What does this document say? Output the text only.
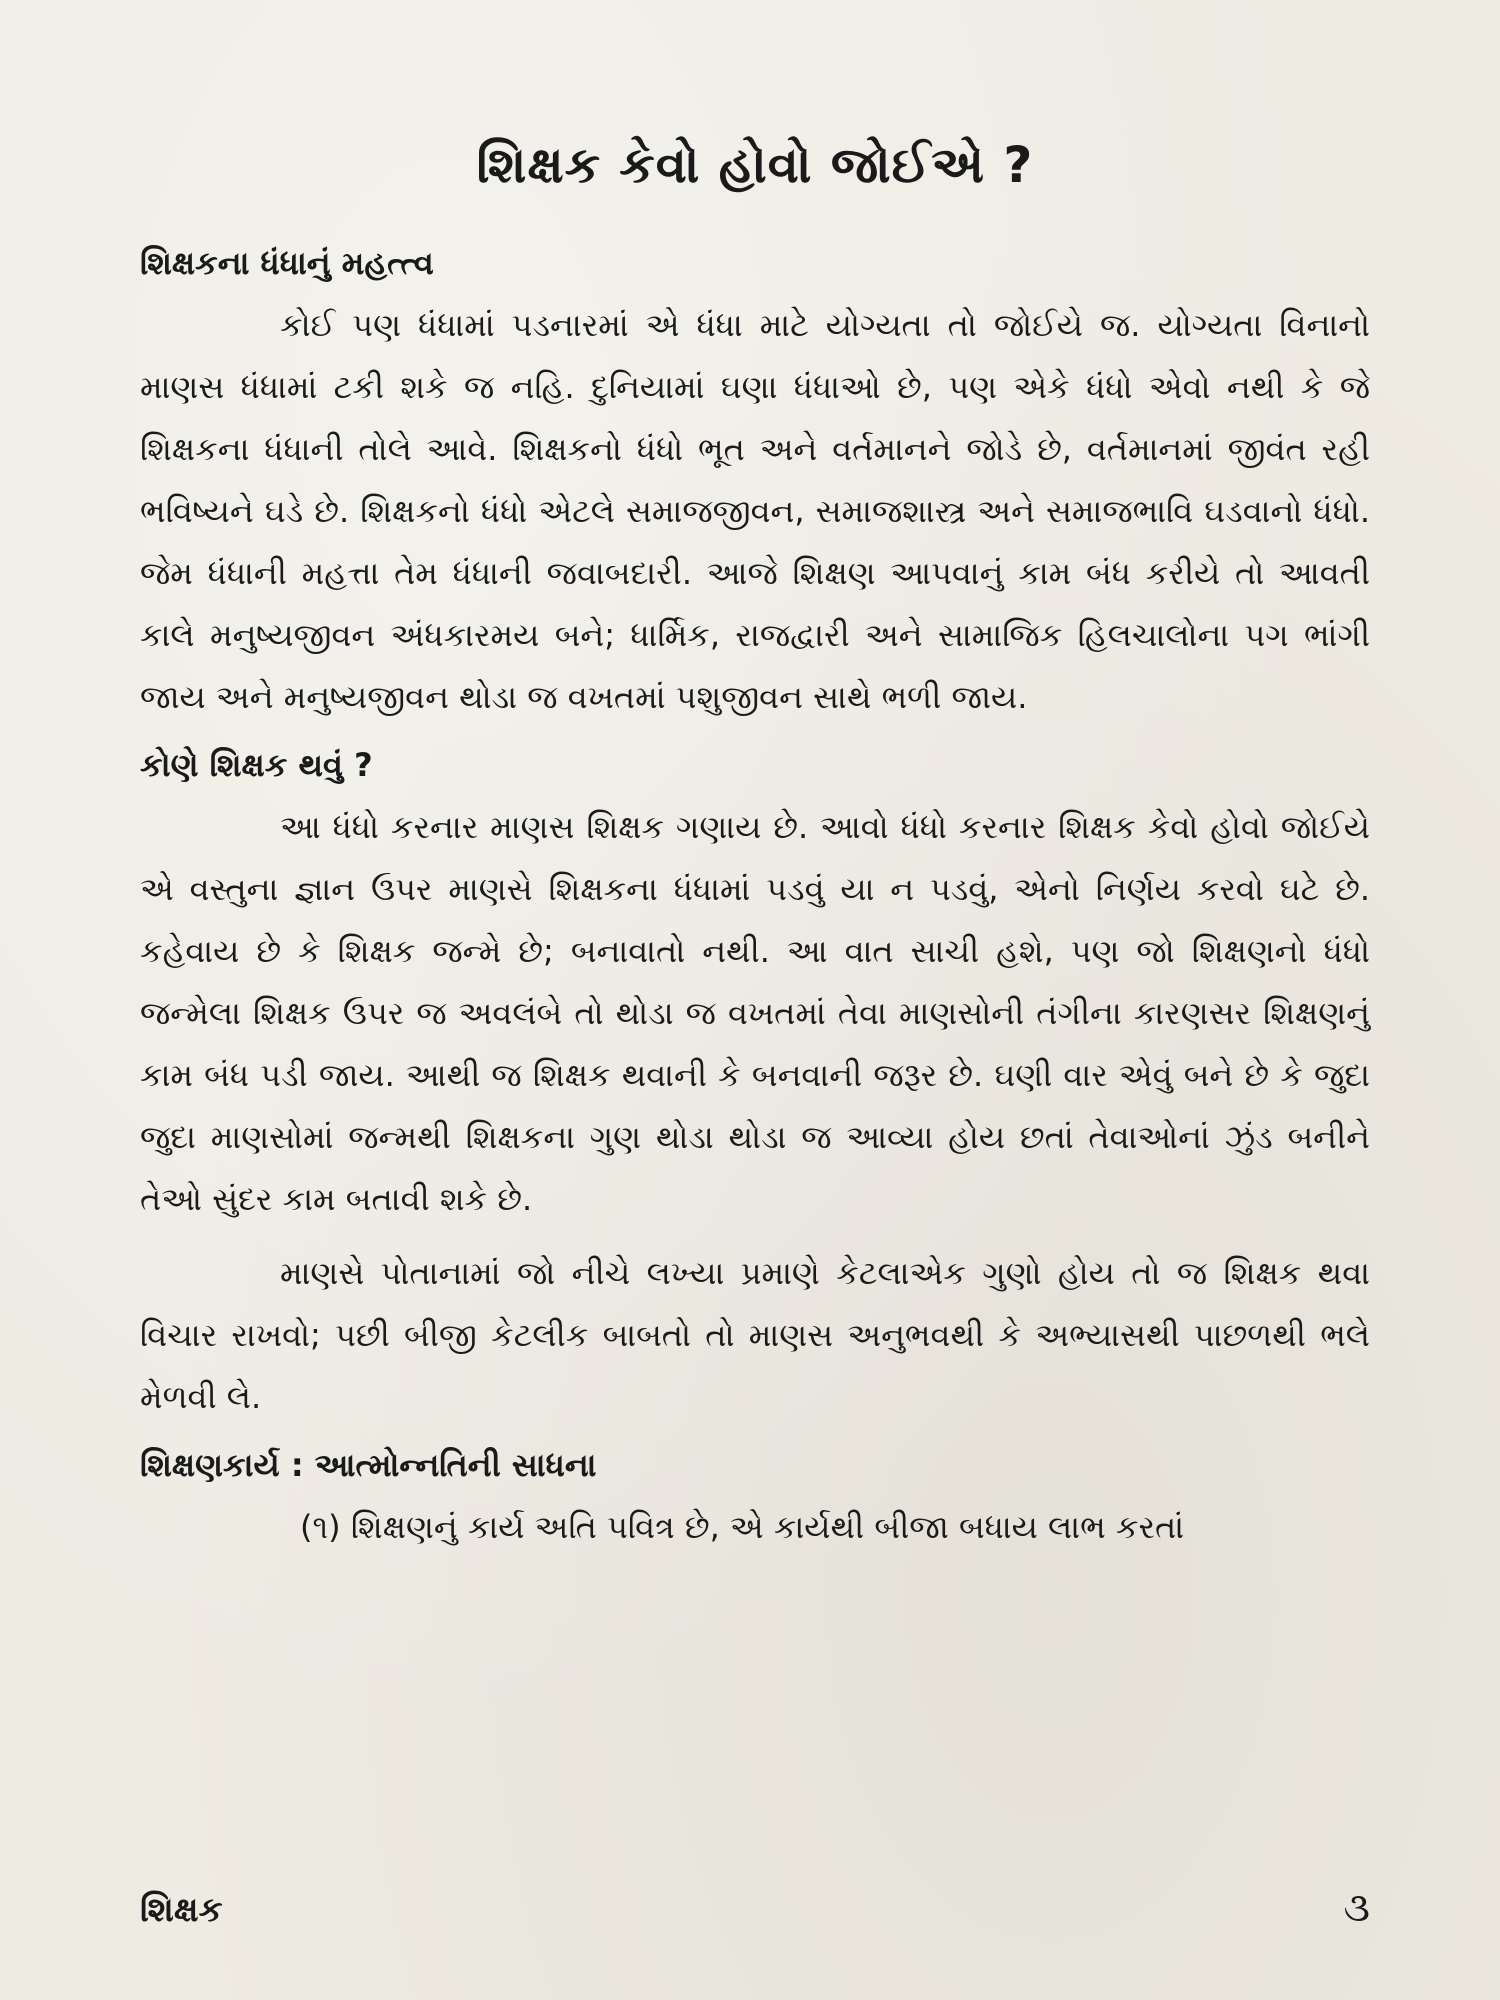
શિક્ષક કેવો હોવો જોઈએ ?
શિક્ષકના ધંધાનું મહત્ત્વ

કોઈ પણ ધંધામાં પડનારમાં એ ધંધા માટે યોગ્યતા તો જોઈયે જ. યોગ્યતા વિનાનો માણસ ધંધામાં ટકી શકે જ નહિ. દુનિયામાં ઘણા ધંધાઓ છે, પણ એકે ધંધો એવો નથી કે જે શિક્ષકના ધંધાની તોલે આવે. શિક્ષકનો ધંધો ભૂત અને વર્તમાનને જોડે છે, વર્તમાનમાં જીવંત રહી ભવિષ્યને ઘડે છે. શિક્ષકનો ધંધો એટલે સમાજજીવન, સમાજશાસ્ત્ર અને સમાજભાવિ ઘડવાનો ધંધો. જેમ ધંધાની મહત્તા તેમ ધંધાની જવાબદારી. આજે શિક્ષણ આપવાનું કામ બંધ કરીયે તો આવતી કાલે મનુષ્યજીવન અંધકારમય બને; ધાર્મિક, રાજદ્વારી અને સામાજિક હિલચાલોના પગ ભાંગી જાય અને મનુષ્યજીવન થોડા જ વખતમાં પશુજીવન સાથે ભળી જાય.

કોણે શિક્ષક થવું ?

આ ધંધો કરનાર માણસ શિક્ષક ગણાય છે. આવો ધંધો કરનાર શિક્ષક કેવો હોવો જોઈયે એ વસ્તુના જ્ઞાન ઉપર માણસે શિક્ષકના ધંધામાં પડવું યા ન પડવું, એનો નિર્ણય કરવો ઘટે છે. કહેવાય છે કે શિક્ષક જન્મે છે; બનાવાતો નથી. આ વાત સાચી હશે, પણ જો શિક્ષણનો ધંધો જન્મેલા શિક્ષક ઉપર જ અવલંબે તો થોડા જ વખતમાં તેવા માણસોની તંગીના કારણસર શિક્ષણનું કામ બંધ પડી જાય. આથી જ શિક્ષક થવાની કે બનવાની જરૂર છે. ઘણી વાર એવું બને છે કે જુદા જુદા માણસોમાં જન્મથી શિક્ષકના ગુણ થોડા થોડા જ આવ્યા હોય છતાં તેવાઓનાં ઝુંડ બનીને તેઓ સુંદર કામ બતાવી શકે છે.

માણસે પોતાનામાં જો નીચે લખ્યા પ્રમાણે કેટલાએક ગુણો હોય તો જ શિક્ષક થવા વિચાર રાખવો; પછી બીજી કેટલીક બાબતો તો માણસ અનુભવથી કે અભ્યાસથી પાછળથી ભલે મેળવી લે.

શિક્ષણકાર્ય : આત્મોન્નતિની સાધના

(૧) શિક્ષણનું કાર્ય અતિ પવિત્ર છે, એ કાર્યથી બીજા બધાય લાભ કરતાં

શિક્ષક	૩
